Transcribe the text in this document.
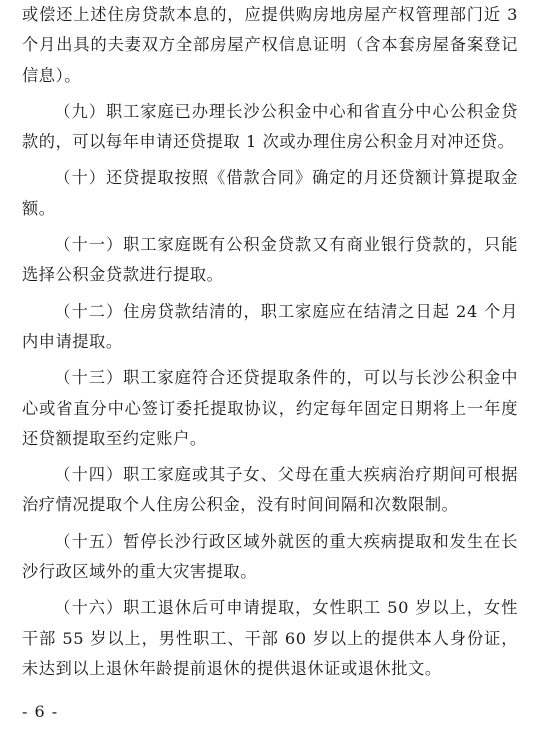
或偿还上述住房贷款本息的，应提供购房地房屋产权管理部门近 3 个月出具的夫妻双方全部房屋产权信息证明（含本套房屋备案登记信息）。

（九）职工家庭已办理长沙公积金中心和省直分中心公积金贷款的，可以每年申请还贷提取 1 次或办理住房公积金月对冲还贷。

（十）还贷提取按照《借款合同》确定的月还贷额计算提取金额。

（十一）职工家庭既有公积金贷款又有商业银行贷款的，只能选择公积金贷款进行提取。

（十二）住房贷款结清的，职工家庭应在结清之日起 24 个月内申请提取。

（十三）职工家庭符合还贷提取条件的，可以与长沙公积金中心或省直分中心签订委托提取协议，约定每年固定日期将上一年度还贷额提取至约定账户。

（十四）职工家庭或其子女、父母在重大疾病治疗期间可根据治疗情况提取个人住房公积金，没有时间间隔和次数限制。

（十五）暂停长沙行政区域外就医的重大疾病提取和发生在长沙行政区域外的重大灾害提取。

（十六）职工退休后可申请提取，女性职工 50 岁以上，女性干部 55 岁以上，男性职工、干部 60 岁以上的提供本人身份证，未达到以上退休年龄提前退休的提供退休证或退休批文。

- 6 -
